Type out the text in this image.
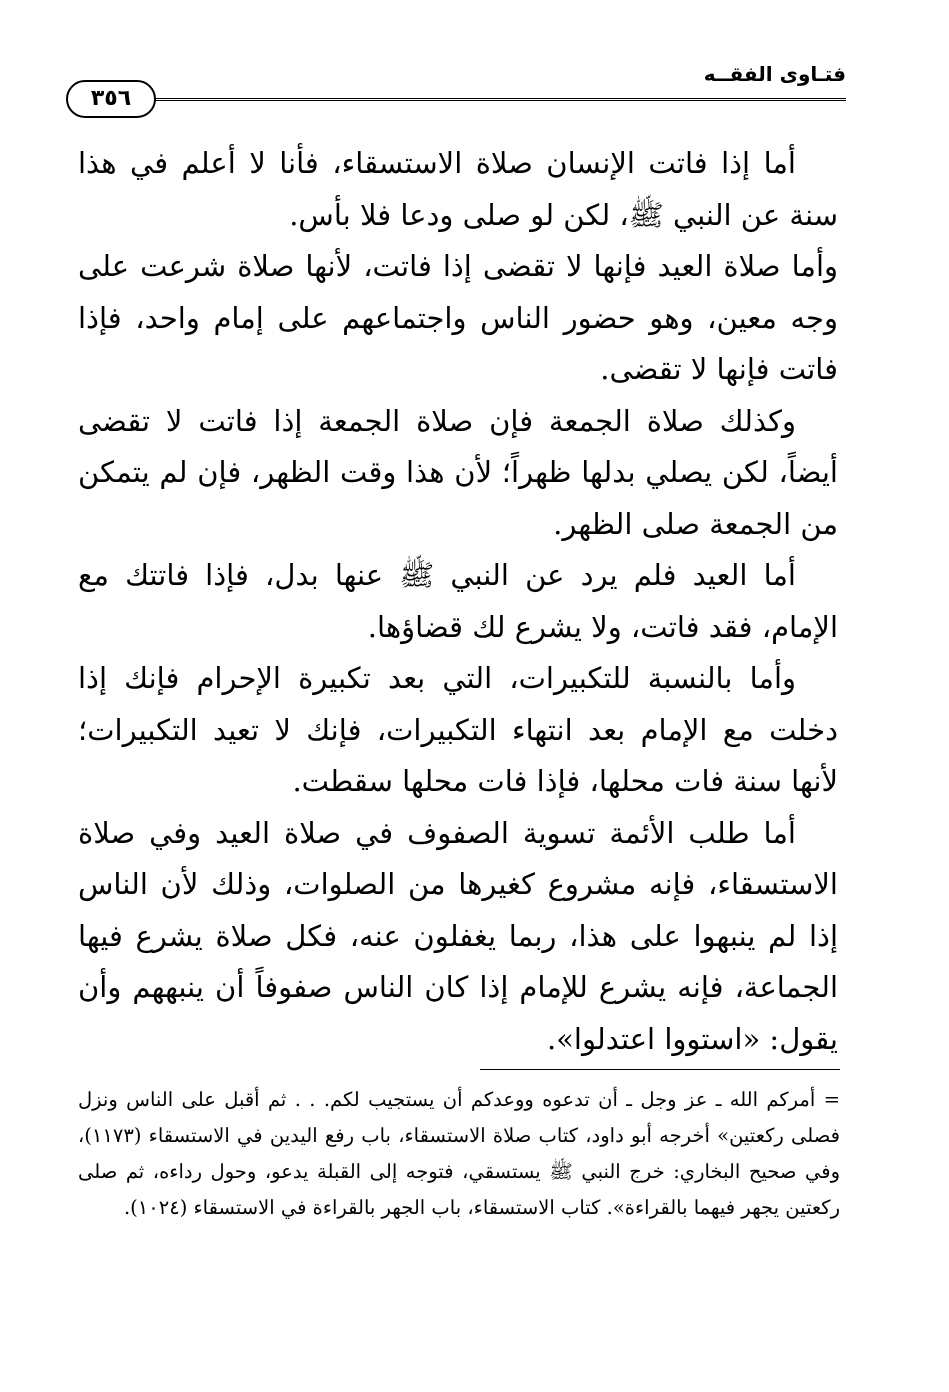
فتـاوى الفقــه
٣٥٦

أما إذا فاتت الإنسان صلاة الاستسقاء، فأنا لا أعلم في هذا سنة عن النبي ﷺ، لكن لو صلى ودعا فلا بأس.

وأما صلاة العيد فإنها لا تقضى إذا فاتت، لأنها صلاة شرعت على وجه معين، وهو حضور الناس واجتماعهم على إمام واحد، فإذا فاتت فإنها لا تقضى.

وكذلك صلاة الجمعة فإن صلاة الجمعة إذا فاتت لا تقضى أيضاً، لكن يصلي بدلها ظهراً؛ لأن هذا وقت الظهر، فإن لم يتمكن من الجمعة صلى الظهر.

أما العيد فلم يرد عن النبي ﷺ عنها بدل، فإذا فاتتك مع الإمام، فقد فاتت، ولا يشرع لك قضاؤها.

وأما بالنسبة للتكبيرات، التي بعد تكبيرة الإحرام فإنك إذا دخلت مع الإمام بعد انتهاء التكبيرات، فإنك لا تعيد التكبيرات؛ لأنها سنة فات محلها، فإذا فات محلها سقطت.

أما طلب الأئمة تسوية الصفوف في صلاة العيد وفي صلاة الاستسقاء، فإنه مشروع كغيرها من الصلوات، وذلك لأن الناس إذا لم ينبهوا على هذا، ربما يغفلون عنه، فكل صلاة يشرع فيها الجماعة، فإنه يشرع للإمام إذا كان الناس صفوفاً أن ينبههم وأن يقول: «استووا اعتدلوا».

= أمركم الله ـ عز وجل ـ أن تدعوه ووعدكم أن يستجيب لكم. . . ثم أقبل على الناس ونزل فصلى ركعتين» أخرجه أبو داود، كتاب صلاة الاستسقاء، باب رفع اليدين في الاستسقاء (١١٧٣)، وفي صحيح البخاري: خرج النبي ﷺ يستسقي، فتوجه إلى القبلة يدعو، وحول رداءه، ثم صلى ركعتين يجهر فيهما بالقراءة». كتاب الاستسقاء، باب الجهر بالقراءة في الاستسقاء (١٠٢٤).
